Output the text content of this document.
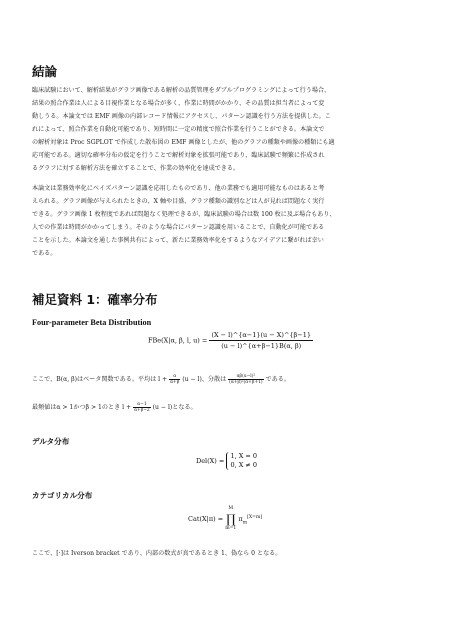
結論
臨床試験において、解析結果がグラフ画像である解析の品質管理をダブルプログラミングによって行う場合、
結果の照合作業は人による目視作業となる場合が多く、作業に時間がかかり、その品質は担当者によって変
動しうる。本論文では EMF 画像の内部レコード情報にアクセスし、パターン認識を行う方法を提供した。こ
れによって、照合作業を自動化可能であり、短時間に一定の精度で照合作業を行うことができる。本論文で
の解析対象は Proc SGPLOT で作成した散布図の EMF 画像としたが、他のグラフの種類や画像の種類にも適
応可能である。適切な確率分布の仮定を行うことで解析対象を拡張可能であり、臨床試験で頻繁に作成され
るグラフに対する解析方法を確立することで、作業の効率化を達成できる。
本論文は業務効率化にベイズパターン認識を応用したものであり、他の業務でも適用可能なものはあると考
えられる。グラフ画像が与えられたときの、X 軸や目盛、グラフ種類の識別などは人が見れば問題なく実行
できる。グラフ画像 1 枚程度であれば問題なく処理できるが、臨床試験の場合は数 100 枚に及ぶ場合もあり、
人での作業は時間がかかってしまう。そのような場合にパターン認識を用いることで、自動化が可能である
ことを示した。本論文を通した事例共有によって、新たに業務効率化をするようなアイデアに繋がれば幸い
である。
補足資料 1：確率分布
Four-parameter Beta Distribution
FBe(X|α, β, l, $u) = \frac{(X - l)\^{}\{\alpha-1\}(u - X)\^{}\{\beta-1\}}{(u - l)\^{}\{\alpha+\beta-1\}B(\alpha, \beta)}$
ここで、B(α, β)はベータ関数である。平均は $l + \frac{\alpha}{\alpha+\beta} (u - l)$、分散は $\frac{\text{αβ(u−l)²}}{\text{(α+β)²(α+β+1)}}$ である。
最頻値はα > 1かつβ > 1のとき $l + \frac{\alpha-1}{\alpha+\beta-2} (u - l)$となる。
デルタ分布
Del(X) =
1, X = 0
0, X ≠ 0
カテゴリカル分布
Cat(X|π) =
M
∏
m=1
$\pi_m[X=m]$
ここで、[·]は Iverson bracket であり、内部の数式が真であるとき 1、偽なら 0 となる。
